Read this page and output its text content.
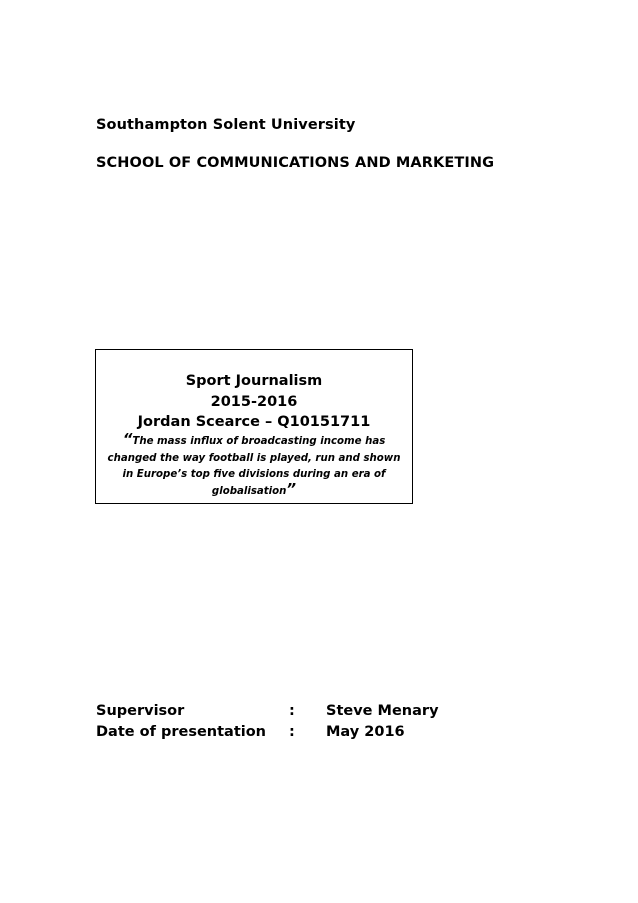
Southampton Solent University
SCHOOL OF COMMUNICATIONS AND MARKETING
Sport Journalism
2015-2016
Jordan Scearce – Q10151711
“The mass influx of broadcasting income has changed the way football is played, run and shown in Europe’s top five divisions during an era of globalisation”
Supervisor	: Steve Menary
Date of presentation : May 2016
